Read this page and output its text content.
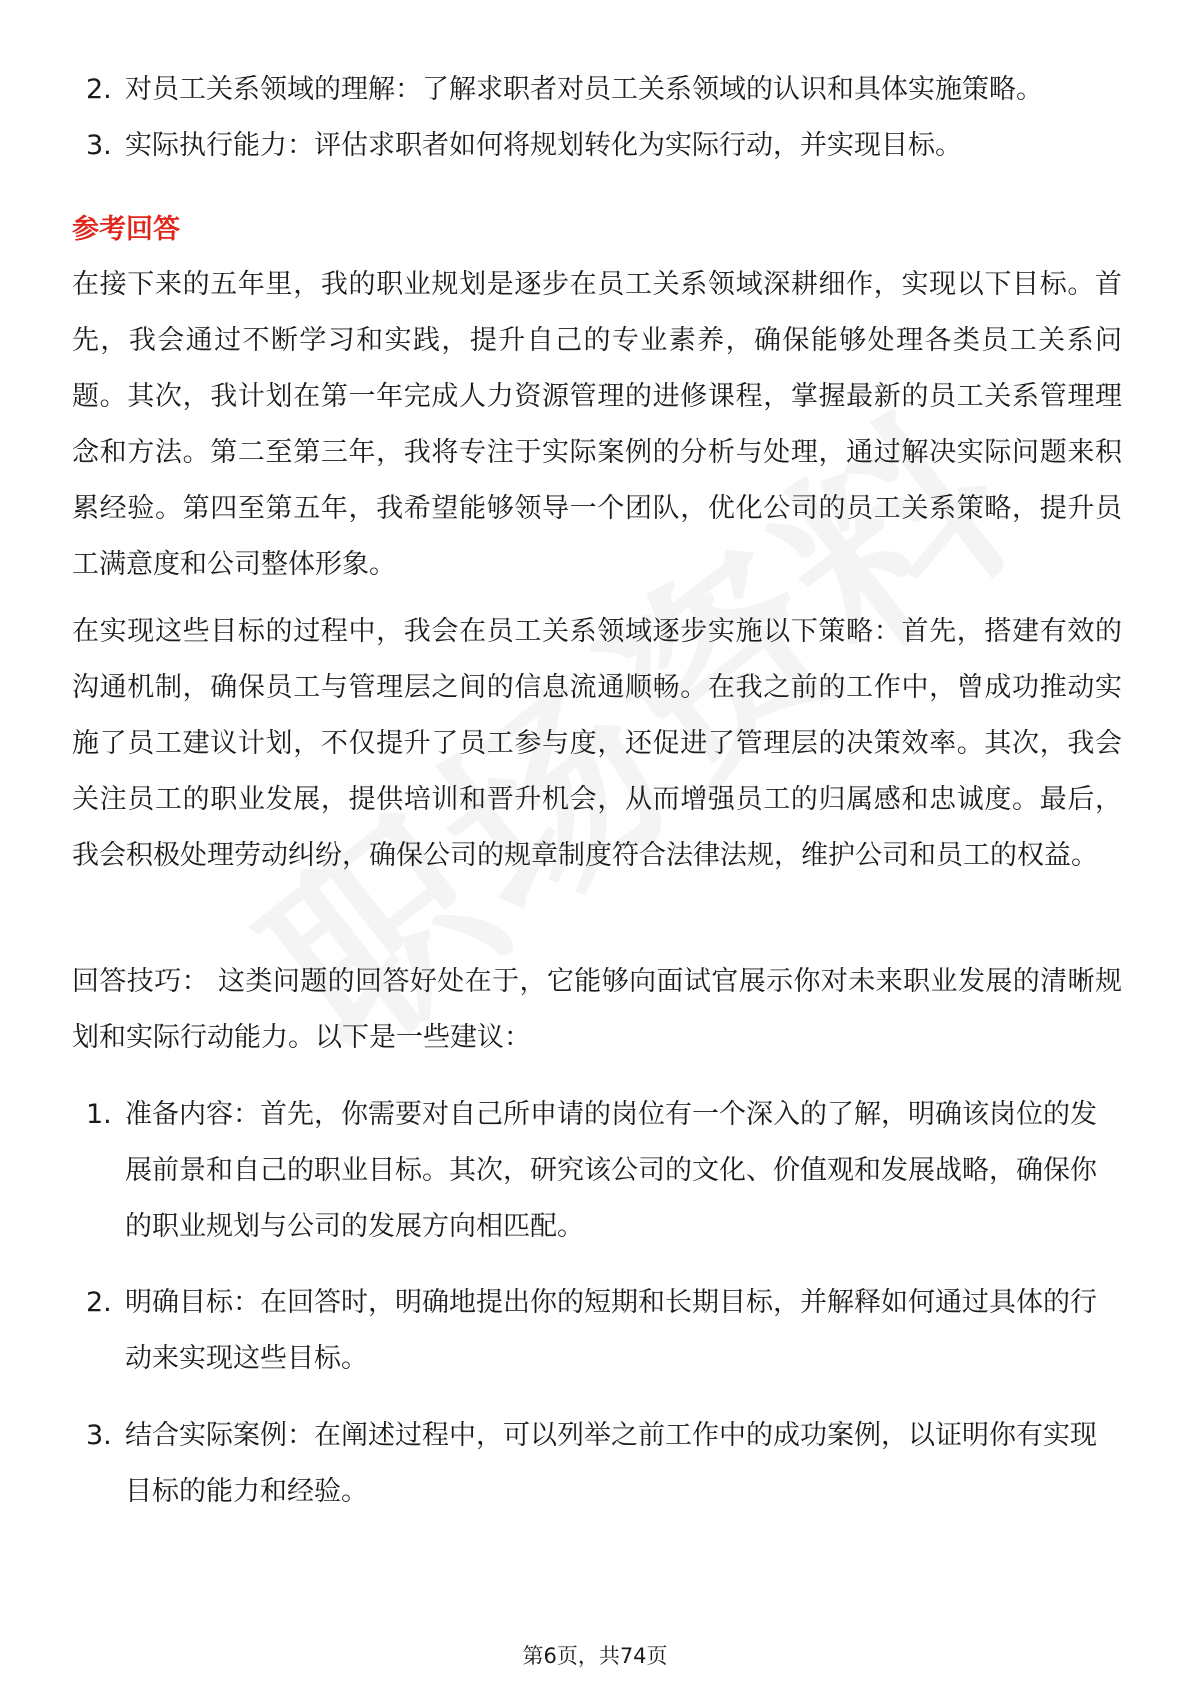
2. 对员工关系领域的理解：了解求职者对员工关系领域的认识和具体实施策略。
3. 实际执行能力：评估求职者如何将规划转化为实际行动，并实现目标。
参考回答
在接下来的五年里，我的职业规划是逐步在员工关系领域深耕细作，实现以下目标。首先，我会通过不断学习和实践，提升自己的专业素养，确保能够处理各类员工关系问题。其次，我计划在第一年完成人力资源管理的进修课程，掌握最新的员工关系管理理念和方法。第二至第三年，我将专注于实际案例的分析与处理，通过解决实际问题来积累经验。第四至第五年，我希望能够领导一个团队，优化公司的员工关系策略，提升员工满意度和公司整体形象。
在实现这些目标的过程中，我会在员工关系领域逐步实施以下策略：首先，搭建有效的沟通机制，确保员工与管理层之间的信息流通顺畅。在我之前的工作中，曾成功推动实施了员工建议计划，不仅提升了员工参与度，还促进了管理层的决策效率。其次，我会关注员工的职业发展，提供培训和晋升机会，从而增强员工的归属感和忠诚度。最后，我会积极处理劳动纠纷，确保公司的规章制度符合法律法规，维护公司和员工的权益。
回答技巧： 这类问题的回答好处在于，它能够向面试官展示你对未来职业发展的清晰规划和实际行动能力。以下是一些建议：
1. 准备内容：首先，你需要对自己所申请的岗位有一个深入的了解，明确该岗位的发展前景和自己的职业目标。其次，研究该公司的文化、价值观和发展战略，确保你的职业规划与公司的发展方向相匹配。
2. 明确目标：在回答时，明确地提出你的短期和长期目标，并解释如何通过具体的行动来实现这些目标。
3. 结合实际案例：在阐述过程中，可以列举之前工作中的成功案例，以证明你有实现目标的能力和经验。
第6页，共74页
